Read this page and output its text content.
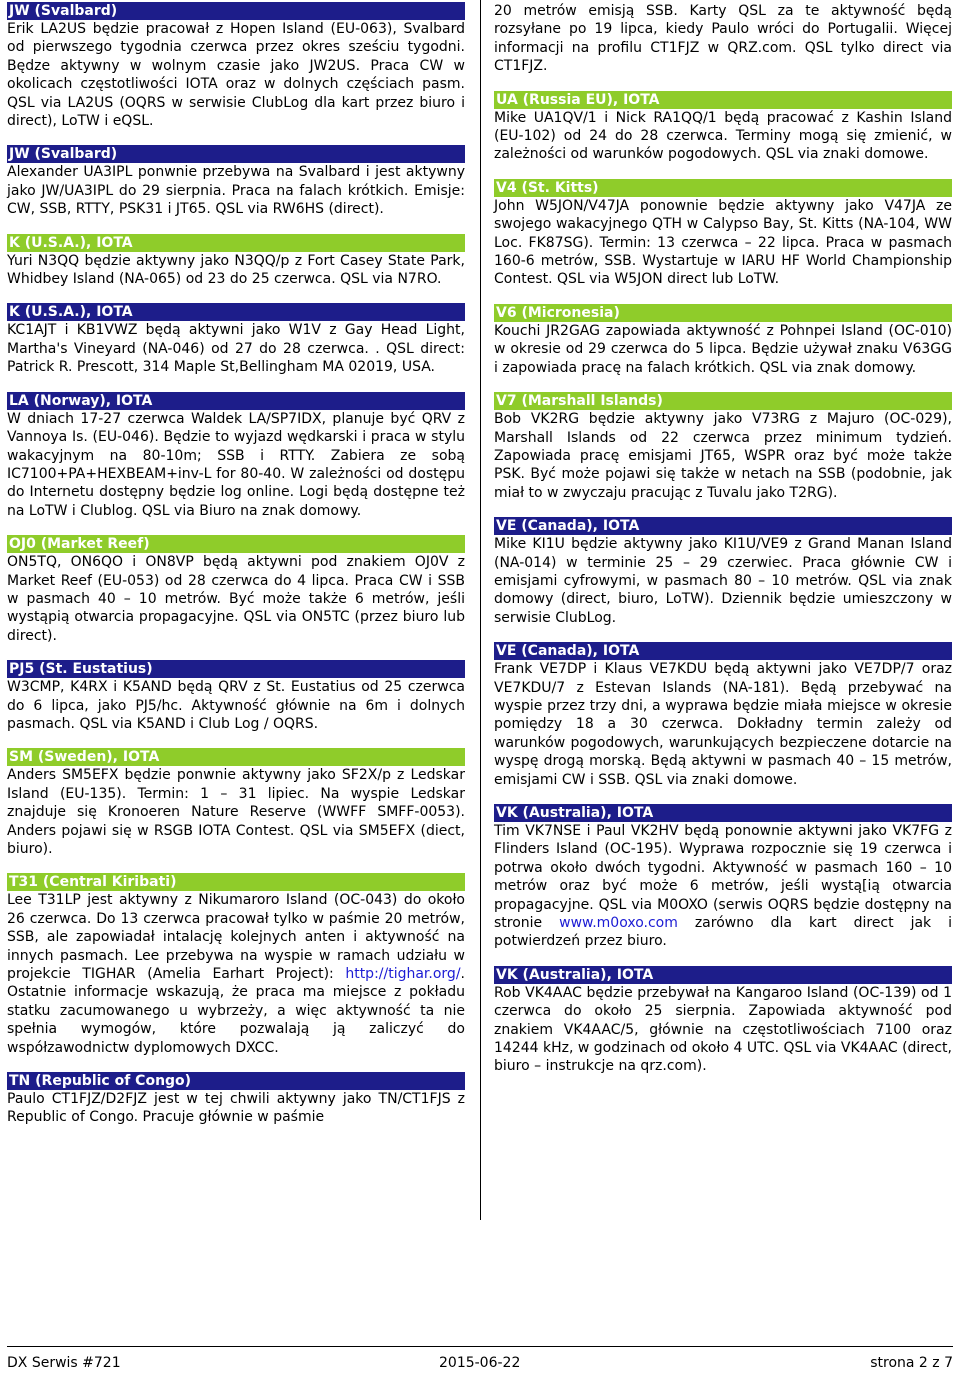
JW (Svalbard)

Erik LA2US będzie pracował z Hopen Island (EU-063), Svalbard od pierwszego tygodnia czerwca przez okres sześciu tygodni. Będze aktywny w wolnym czasie jako JW2US. Praca CW w okolicach częstotliwości IOTA oraz w dolnych częściach pasm. QSL via LA2US (OQRS w serwisie ClubLog dla kart przez biuro i direct), LoTW i eQSL.

JW (Svalbard)

Alexander UA3IPL ponwnie przebywa na Svalbard i jest aktywny jako JW/UA3IPL do 29 sierpnia. Praca na falach krótkich. Emisje: CW, SSB, RTTY, PSK31 i JT65. QSL via RW6HS (direct).

K (U.S.A.), IOTA

Yuri N3QQ będzie aktywny jako N3QQ/p z Fort Casey State Park, Whidbey Island (NA-065) od 23 do 25 czerwca. QSL via N7RO.

K (U.S.A.), IOTA

KC1AJT i KB1VWZ będą aktywni jako W1V z Gay Head Light, Martha's Vineyard (NA-046) od 27 do 28 czerwca. . QSL direct: Patrick R. Prescott, 314 Maple St,Bellingham MA 02019, USA.

LA (Norway), IOTA

W dniach 17-27 czerwca Waldek LA/SP7IDX, planuje być QRV z Vannoya Is. (EU-046). Będzie to wyjazd wędkarski i praca w stylu wakacyjnym na 80-10m; SSB i RTTY. Zabiera ze sobą IC7100+PA+HEXBEAM+inv-L for 80-40. W zależności od dostępu do Internetu dostępny będzie log online. Logi będą dostępne też na LoTW i Clublog. QSL via Biuro na znak domowy.

OJ0 (Market Reef)

ON5TQ, ON6QO i ON8VP będą aktywni pod znakiem OJ0V z Market Reef (EU-053) od 28 czerwca do 4 lipca. Praca CW i SSB w pasmach 40 – 10 metrów. Być może także 6 metrów, jeśli wystąpią otwarcia propagacyjne. QSL via ON5TC (przez biuro lub direct).

PJ5 (St. Eustatius)

W3CMP, K4RX i K5AND będą QRV z St. Eustatius od 25 czerwca do 6 lipca, jako PJ5/hc. Aktywność głównie na 6m i dolnych pasmach. QSL via K5AND i Club Log / OQRS.

SM (Sweden), IOTA

Anders SM5EFX będzie ponwnie aktywny jako SF2X/p z Ledskar Island (EU-135). Termin: 1 – 31 lipiec. Na wyspie Ledskar znajduje się Kronoeren Nature Reserve (WWFF SMFF-0053). Anders pojawi się w RSGB IOTA Contest. QSL via SM5EFX (diect, biuro).

T31 (Central Kiribati)

Lee T31LP jest aktywny z Nikumaroro Island (OC-043) do około 26 czerwca. Do 13 czerwca pracował tylko w paśmie 20 metrów, SSB, ale zapowiadał intalację kolejnych anten i aktywność na innych pasmach. Lee przebywa na wyspie w ramach udziału w projekcie TIGHAR (Amelia Earhart Project): http://tighar.org/. Ostatnie informacje wskazują, że praca ma miejsce z pokładu statku zacumowanego u wybrzeży, a więc aktywność ta nie spełnia wymogów, które pozwalają ją zaliczyć do współzawodnictw dyplomowych DXCC.

TN (Republic of Congo)

Paulo CT1FJZ/D2FJZ jest w tej chwili aktywny jako TN/CT1FJS z Republic of Congo. Pracuje głównie w paśmie

20 metrów emisją SSB. Karty QSL za te aktywność będą rozsyłane po 19 lipca, kiedy Paulo wróci do Portugalii. Więcej informacji na profilu CT1FJZ w QRZ.com. QSL tylko direct via CT1FJZ.

UA (Russia EU), IOTA

Mike UA1QV/1 i Nick RA1QQ/1 będą pracować z Kashin Island (EU-102) od 24 do 28 czerwca. Terminy mogą się zmienić, w zależności od warunków pogodowych. QSL via znaki domowe.

V4 (St. Kitts)

John W5JON/V47JA ponownie będzie aktywny jako V47JA ze swojego wakacyjnego QTH w Calypso Bay, St. Kitts (NA-104, WW Loc. FK87SG). Termin: 13 czerwca – 22 lipca. Praca w pasmach 160-6 metrów, SSB. Wystartuje w IARU HF World Championship Contest. QSL via W5JON direct lub LoTW.

V6 (Micronesia)

Kouchi JR2GAG zapowiada aktywność z Pohnpei Island (OC-010) w okresie od 29 czerwca do 5 lipca. Będzie używał znaku V63GG i zapowiada pracę na falach krótkich. QSL via znak domowy.

V7 (Marshall Islands)

Bob VK2RG będzie aktywny jako V73RG z Majuro (OC-029), Marshall Islands od 22 czerwca przez minimum tydzień. Zapowiada pracę emisjami JT65, WSPR oraz być może także PSK. Być może pojawi się także w netach na SSB (podobnie, jak miał to w zwyczaju pracując z Tuvalu jako T2RG).

VE (Canada), IOTA

Mike KI1U będzie aktywny jako KI1U/VE9 z Grand Manan Island (NA-014) w terminie 25 – 29 czerwiec. Praca głównie CW i emisjami cyfrowymi, w pasmach 80 – 10 metrów. QSL via znak domowy (direct, biuro, LoTW). Dziennik będzie umieszczony w serwisie ClubLog.

VE (Canada), IOTA

Frank VE7DP i Klaus VE7KDU będą aktywni jako VE7DP/7 oraz VE7KDU/7 z Estevan Islands (NA-181). Będą przebywać na wyspie przez trzy dni, a wyprawa będzie miała miejsce w okresie pomiędzy 18 a 30 czerwca. Dokładny termin zależy od warunków pogodowych, warunkujących bezpieczene dotarcie na wyspę drogą morską. Będą aktywni w pasmach 40 – 15 metrów, emisjami CW i SSB. QSL via znaki domowe.

VK (Australia), IOTA

Tim VK7NSE i Paul VK2HV będą ponownie aktywni jako VK7FG z Flinders Island (OC-195). Wyprawa rozpocznie się 19 czerwca i potrwa około dwóch tygodni. Aktywność w pasmach 160 – 10 metrów oraz być może 6 metrów, jeśli wystą[ią otwarcia propagacyjne. QSL via M0OXO (serwis OQRS będzie dostępny na stronie www.m0oxo.com zarówno dla kart direct jak i potwierdzeń przez biuro.

VK (Australia), IOTA

Rob VK4AAC będzie przebywał na Kangaroo Island (OC-139) od 1 czerwca do około 25 sierpnia. Zapowiada aktywność pod znakiem VK4AAC/5, głównie na częstotliwościach 7100 oraz 14244 kHz, w godzinach od około 4 UTC. QSL via VK4AAC (direct, biuro – instrukcje na qrz.com).

DX Serwis #721	2015-06-22	strona 2 z 7
